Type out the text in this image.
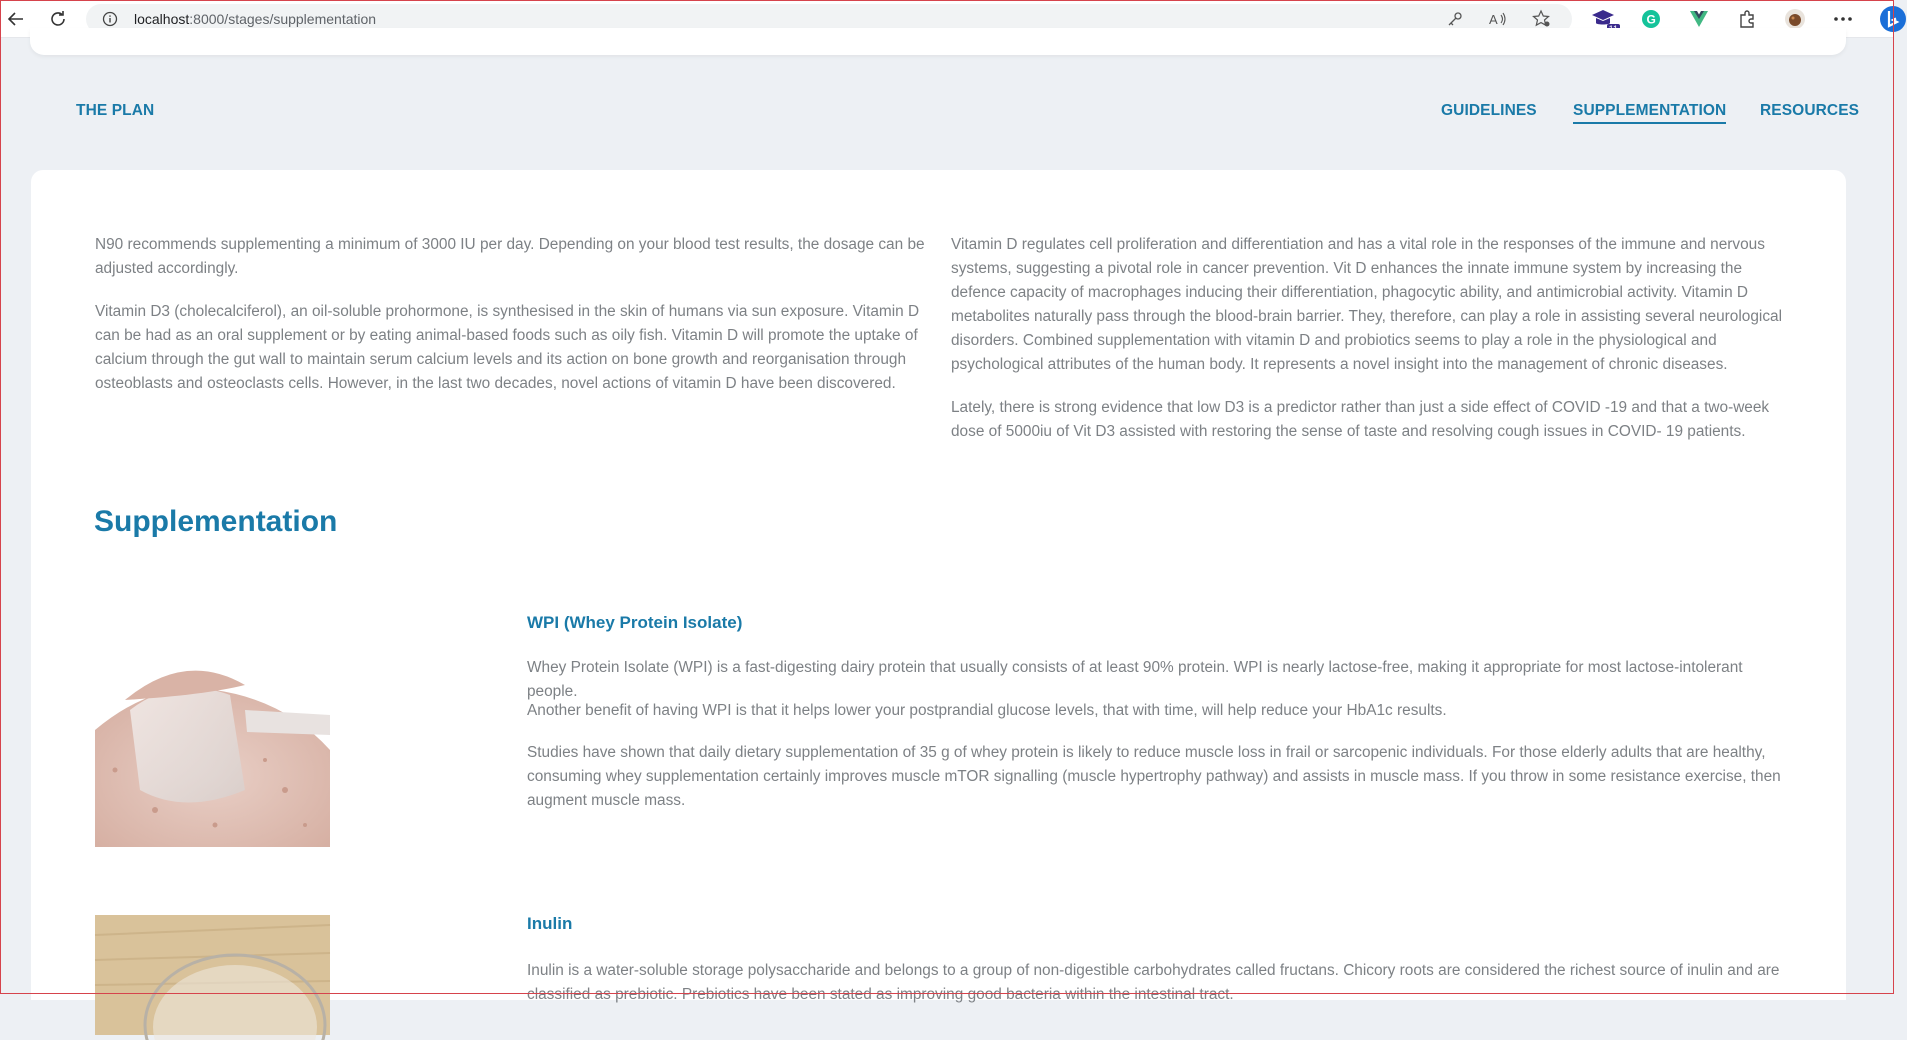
localhost:8000/stages/supplementation	A	G
THE PLAN	GUIDELINES SUPPLEMENTATION RESOURCES

N90 recommends supplementing a minimum of 3000 IU per day. Depending on your blood test results, the dosage can be adjusted accordingly.

Vitamin D3 (cholecalciferol), an oil-soluble prohormone, is synthesised in the skin of humans via sun exposure. Vitamin D can be had as an oral supplement or by eating animal-based foods such as oily fish. Vitamin D will promote the uptake of calcium through the gut wall to maintain serum calcium levels and its action on bone growth and reorganisation through osteoblasts and osteoclasts cells. However, in the last two decades, novel actions of vitamin D have been discovered.

Vitamin D regulates cell proliferation and differentiation and has a vital role in the responses of the immune and nervous systems, suggesting a pivotal role in cancer prevention. Vit D enhances the innate immune system by increasing the defence capacity of macrophages inducing their differentiation, phagocytic ability, and antimicrobial activity. Vitamin D metabolites naturally pass through the blood-brain barrier. They, therefore, can play a role in assisting several neurological disorders. Combined supplementation with vitamin D and probiotics seems to play a role in the physiological and psychological attributes of the human body. It represents a novel insight into the management of chronic diseases.

Lately, there is strong evidence that low D3 is a predictor rather than just a side effect of COVID -19 and that a two-week dose of 5000iu of Vit D3 assisted with restoring the sense of taste and resolving cough issues in COVID- 19 patients.

Supplementation
WPI (Whey Protein Isolate)

Whey Protein Isolate (WPI) is a fast-digesting dairy protein that usually consists of at least 90% protein. WPI is nearly lactose-free, making it appropriate for most lactose-intolerant people.

Another benefit of having WPI is that it helps lower your postprandial glucose levels, that with time, will help reduce your HbA1c results.

Studies have shown that daily dietary supplementation of 35 g of whey protein is likely to reduce muscle loss in frail or sarcopenic individuals. For those elderly adults that are healthy, consuming whey supplementation certainly improves muscle mTOR signalling (muscle hypertrophy pathway) and assists in muscle mass. If you throw in some resistance exercise, then augment muscle mass.

Inulin

Inulin is a water-soluble storage polysaccharide and belongs to a group of non-digestible carbohydrates called fructans. Chicory roots are considered the richest source of inulin and are classified as prebiotic. Prebiotics have been stated as improving good bacteria within the intestinal tract.
